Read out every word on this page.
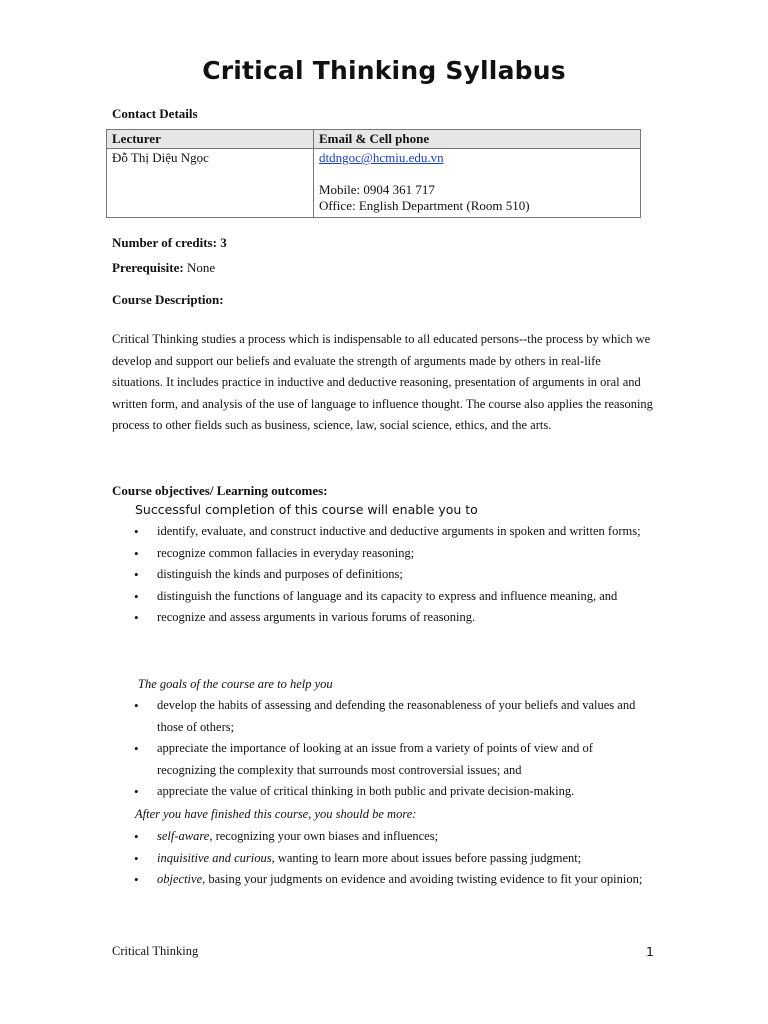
Critical Thinking Syllabus
Contact Details
Lecturer	Email & Cell phone
Đỗ Thị Diệu Ngọc	dtdngoc@hcmiu.edu.vn
Mobile: 0904 361 717
Office: English Department (Room 510)
Number of credits: 3
Prerequisite: None
Course Description:
Critical Thinking studies a process which is indispensable to all educated persons--the process by which we develop and support our beliefs and evaluate the strength of arguments made by others in real-life situations. It includes practice in inductive and deductive reasoning, presentation of arguments in oral and written form, and analysis of the use of language to influence thought. The course also applies the reasoning process to other fields such as business, science, law, social science, ethics, and the arts.
Course objectives/ Learning outcomes:
Successful completion of this course will enable you to
• identify, evaluate, and construct inductive and deductive arguments in spoken and written forms;
• recognize common fallacies in everyday reasoning;
• distinguish the kinds and purposes of definitions;
• distinguish the functions of language and its capacity to express and influence meaning, and
• recognize and assess arguments in various forums of reasoning.
The goals of the course are to help you
• develop the habits of assessing and defending the reasonableness of your beliefs and values and those of others;
• appreciate the importance of looking at an issue from a variety of points of view and of recognizing the complexity that surrounds most controversial issues; and
• appreciate the value of critical thinking in both public and private decision-making.
After you have finished this course, you should be more:
• self-aware, recognizing your own biases and influences;
• inquisitive and curious, wanting to learn more about issues before passing judgment;
• objective, basing your judgments on evidence and avoiding twisting evidence to fit your opinion;
Critical Thinking	1
